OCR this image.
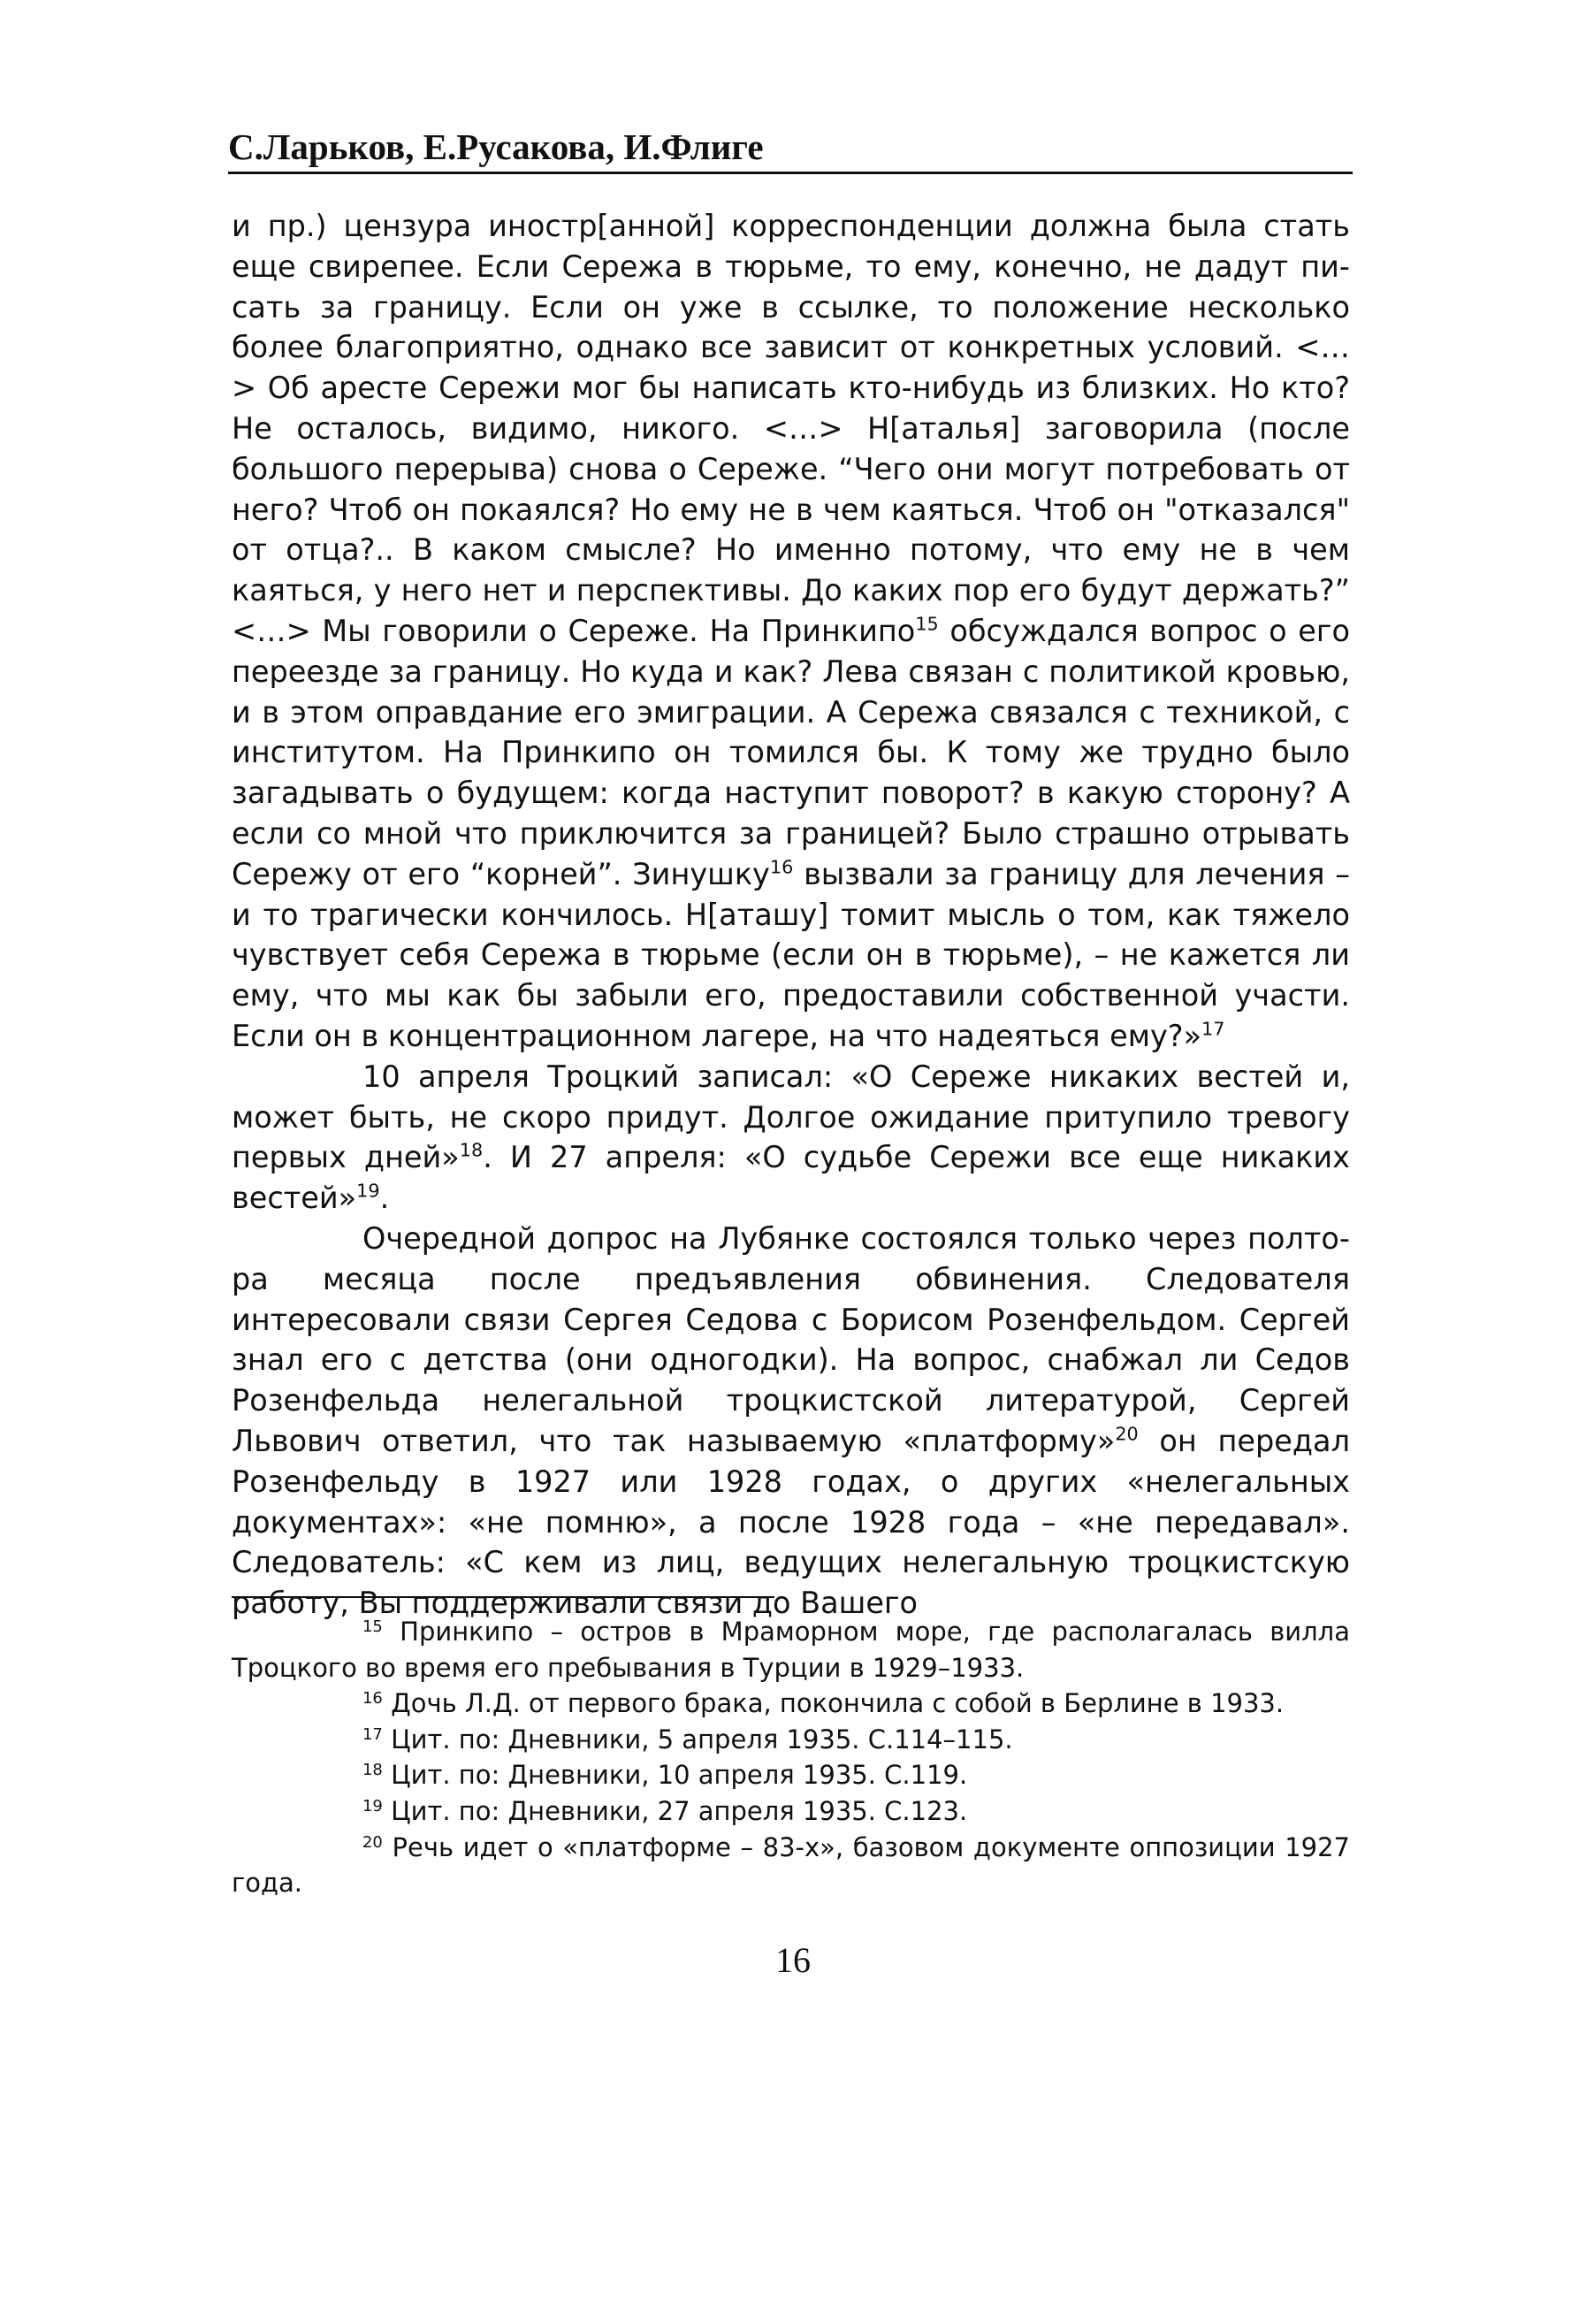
С.Ларьков, Е.Русакова, И.Флиге

и пр.) цензура иностр[анной] корреспонденции должна была стать еще свирепее. Если Сережа в тюрьме, то ему, конечно, не дадут писать за границу. Если он уже в ссылке, то положение несколько более благоприятно, однако все зависит от конкретных условий. <…> Об аресте Сережи мог бы написать кто-нибудь из близких. Но кто? Не осталось, видимо, никого. <…> Н[аталья] заговорила (после большого перерыва) снова о Сереже. “Чего они могут потребовать от него? Чтоб он покаялся? Но ему не в чем каяться. Чтоб он "отказался" от отца?.. В каком смысле? Но именно потому, что ему не в чем каяться, у него нет и перспективы. До каких пор его будут держать?” <…> Мы говорили о Сереже. На Принкипо$^{15}$ обсуждался вопрос о его переезде за границу. Но куда и как? Лева связан с политикой кровью, и в этом оправдание его эмиграции. А Сережа связался с техникой, с институтом. На Принкипо он томился бы. К тому же трудно было загадывать о будущем: когда наступит поворот? в какую сторону? А если со мной что приключится за границей? Было страшно отрывать Сережу от его “корней”. Зинушку$^{16}$ вызвали за границу для лечения – и то трагически кончилось. Н[аташу] томит мысль о том, как тяжело чувствует себя Сережа в тюрьме (если он в тюрьме), – не кажется ли ему, что мы как бы забыли его, предоставили собственной участи. Если он в концентрационном лагере, на что надеяться ему?»$^{17}$

10 апреля Троцкий записал: «О Сереже никаких вестей и, может быть, не скоро придут. Долгое ожидание притупило тревогу первых дней»$^{18}$. И 27 апреля: «О судьбе Сережи все еще никаких вестей»$^{19}$.

Очередной допрос на Лубянке состоялся только через полтора месяца после предъявления обвинения. Следователя интересовали связи Сергея Седова с Борисом Розенфельдом. Сергей знал его с детства (они одногодки). На вопрос, снабжал ли Седов Розенфельда нелегальной троцкистской литературой, Сергей Львович ответил, что так называемую «платформу»$^{20}$ он передал Розенфельду в 1927 или 1928 годах, о других «нелегальных документах»: «не помню», а после 1928 года – «не передавал». Следователь: «С кем из лиц, ведущих нелегальную троцкистскую работу, Вы поддерживали связи до Вашего

$^{15}$ Принкипо – остров в Мраморном море, где располагалась вилла Троцкого во время его пребывания в Турции в 1929–1933.

$^{16}$ Дочь Л.Д. от первого брака, покончила с собой в Берлине в 1933.

$^{17}$ Цит. по: Дневники, 5 апреля 1935. С.114–115.

$^{18}$ Цит. по: Дневники, 10 апреля 1935. С.119.

$^{19}$ Цит. по: Дневники, 27 апреля 1935. С.123.

$^{20}$ Речь идет о «платформе – 83-х», базовом документе оппозиции 1927 года.

16
